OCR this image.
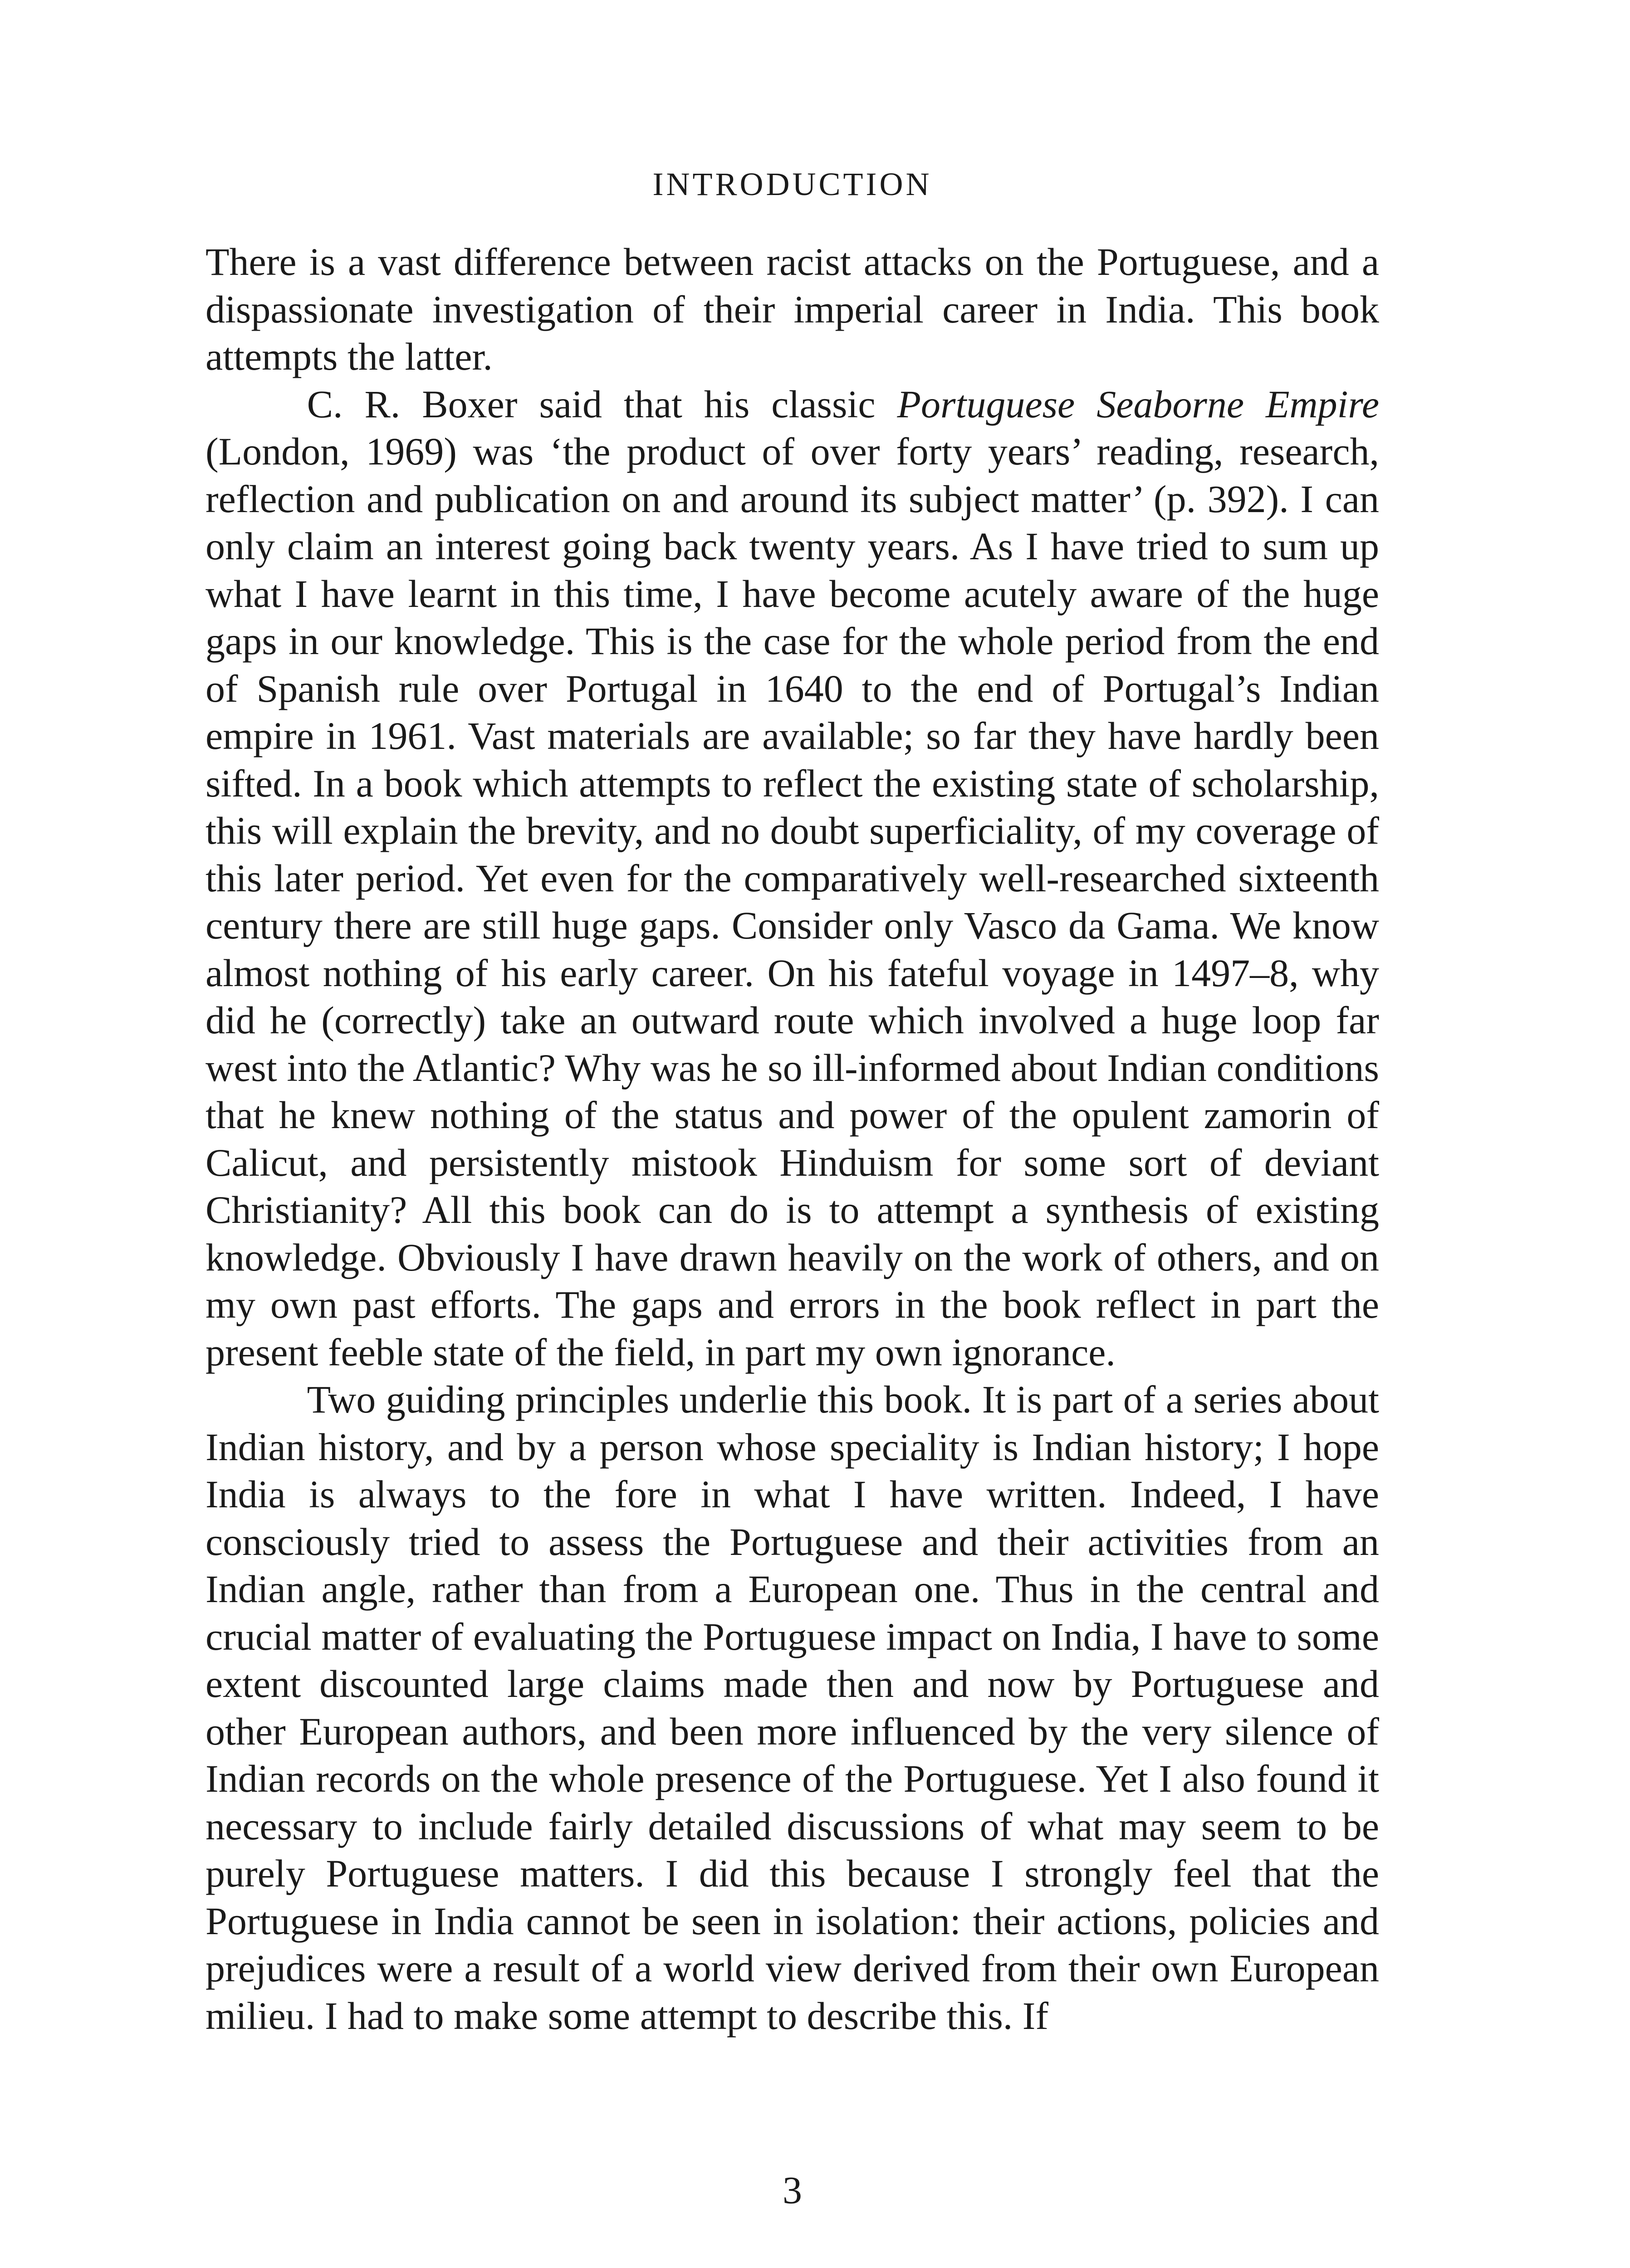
INTRODUCTION

There is a vast difference between racist attacks on the Portuguese, and a dispassionate investigation of their imperial career in India. This book attempts the latter.

C. R. Boxer said that his classic Portuguese Seaborne Empire (London, 1969) was ‘the product of over forty years’ reading, research, reflection and publication on and around its subject matter’ (p. 392). I can only claim an interest going back twenty years. As I have tried to sum up what I have learnt in this time, I have become acutely aware of the huge gaps in our knowledge. This is the case for the whole period from the end of Spanish rule over Portugal in 1640 to the end of Portugal’s Indian empire in 1961. Vast materials are available; so far they have hardly been sifted. In a book which attempts to reflect the existing state of scholarship, this will explain the brevity, and no doubt superficiality, of my coverage of this later period. Yet even for the comparatively well-researched sixteenth century there are still huge gaps. Consider only Vasco da Gama. We know almost nothing of his early career. On his fateful voyage in 1497–8, why did he (correctly) take an outward route which involved a huge loop far west into the Atlantic? Why was he so ill-informed about Indian conditions that he knew nothing of the status and power of the opulent zamorin of Calicut, and persistently mistook Hinduism for some sort of deviant Christianity? All this book can do is to attempt a synthesis of existing knowledge. Obviously I have drawn heavily on the work of others, and on my own past efforts. The gaps and errors in the book reflect in part the present feeble state of the field, in part my own ignorance.

Two guiding principles underlie this book. It is part of a series about Indian history, and by a person whose speciality is Indian history; I hope India is always to the fore in what I have written. Indeed, I have consciously tried to assess the Portuguese and their activities from an Indian angle, rather than from a European one. Thus in the central and crucial matter of evaluating the Portuguese impact on India, I have to some extent discounted large claims made then and now by Portuguese and other European authors, and been more influenced by the very silence of Indian records on the whole presence of the Portuguese. Yet I also found it necessary to include fairly detailed discussions of what may seem to be purely Portuguese matters. I did this because I strongly feel that the Portuguese in India cannot be seen in isolation: their actions, policies and prejudices were a result of a world view derived from their own European milieu. I had to make some attempt to describe this. If

3
